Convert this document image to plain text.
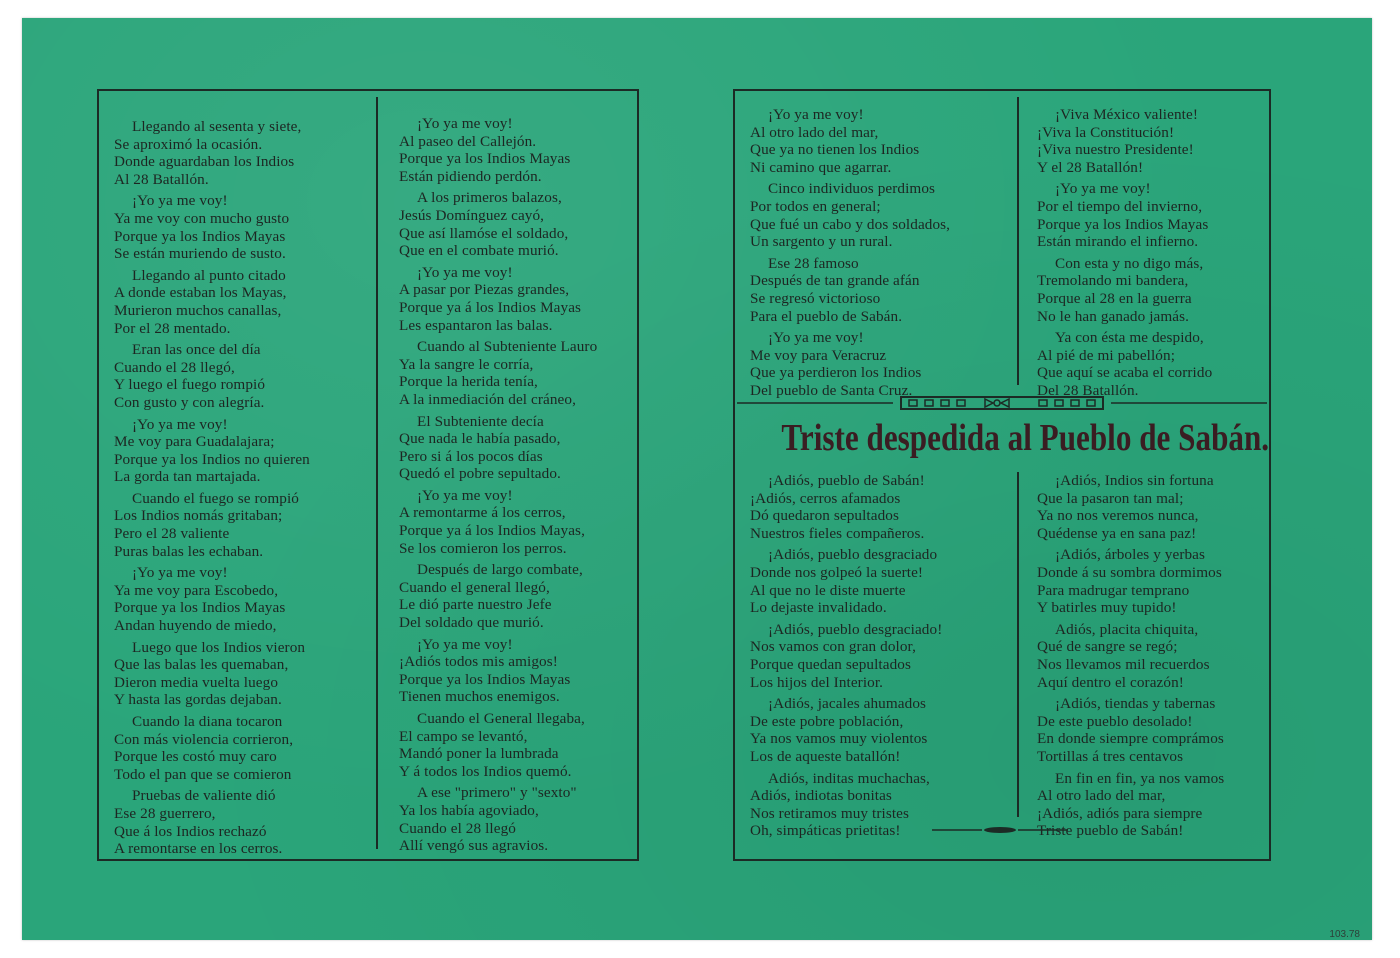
Llegando al sesenta y siete,
Se aproximó la ocasión.
Donde aguardaban los Indios
Al 28 Batallón.
¡Yo ya me voy!
Ya me voy con mucho gusto
Porque ya los Indios Mayas
Se están muriendo de susto.
Llegando al punto citado
A donde estaban los Mayas,
Murieron muchos canallas,
Por el 28 mentado.
Eran las once del día
Cuando el 28 llegó,
Y luego el fuego rompió
Con gusto y con alegría.
¡Yo ya me voy!
Me voy para Guadalajara;
Porque ya los Indios no quieren
La gorda tan martajada.
Cuando el fuego se rompió
Los Indios nomás gritaban;
Pero el 28 valiente
Puras balas les echaban.
¡Yo ya me voy!
Ya me voy para Escobedo,
Porque ya los Indios Mayas
Andan huyendo de miedo,
Luego que los Indios vieron
Que las balas les quemaban,
Dieron media vuelta luego
Y hasta las gordas dejaban.
Cuando la diana tocaron
Con más violencia corrieron,
Porque les costó muy caro
Todo el pan que se comieron
Pruebas de valiente dió
Ese 28 guerrero,
Que á los Indios rechazó
A remontarse en los cerros.
¡Yo ya me voy!
Al paseo del Callejón.
Porque ya los Indios Mayas
Están pidiendo perdón.
A los primeros balazos,
Jesús Domínguez cayó,
Que así llamóse el soldado,
Que en el combate murió.
¡Yo ya me voy!
A pasar por Piezas grandes,
Porque ya á los Indios Mayas
Les espantaron las balas.
Cuando al Subteniente Lauro
Ya la sangre le corría,
Porque la herida tenía,
A la inmediación del cráneo,
El Subteniente decía
Que nada le había pasado,
Pero si á los pocos días
Quedó el pobre sepultado.
¡Yo ya me voy!
A remontarme á los cerros,
Porque ya á los Indios Mayas,
Se los comieron los perros.
Después de largo combate,
Cuando el general llegó,
Le dió parte nuestro Jefe
Del soldado que murió.
¡Yo ya me voy!
¡Adiós todos mis amigos!
Porque ya los Indios Mayas
Tienen muchos enemigos.
Cuando el General llegaba,
El campo se levantó,
Mandó poner la lumbrada
Y á todos los Indios quemó.
A ese "primero" y "sexto"
Ya los había agoviado,
Cuando el 28 llegó
Allí vengó sus agravios.
¡Yo ya me voy!
Al otro lado del mar,
Que ya no tienen los Indios
Ni camino que agarrar.
Cinco individuos perdimos
Por todos en general;
Que fué un cabo y dos soldados,
Un sargento y un rural.
Ese 28 famoso
Después de tan grande afán
Se regresó victorioso
Para el pueblo de Sabán.
¡Yo ya me voy!
Me voy para Veracruz
Que ya perdieron los Indios
Del pueblo de Santa Cruz.
¡Viva México valiente!
¡Viva la Constitución!
¡Viva nuestro Presidente!
Y el 28 Batallón!
¡Yo ya me voy!
Por el tiempo del invierno,
Porque ya los Indios Mayas
Están mirando el infierno.
Con esta y no digo más,
Tremolando mi bandera,
Porque al 28 en la guerra
No le han ganado jamás.
Ya con ésta me despido,
Al pié de mi pabellón;
Que aquí se acaba el corrido
Del 28 Batallón.
Triste despedida al Pueblo de Sabán.
¡Adiós, pueblo de Sabán!
¡Adiós, cerros afamados
Dó quedaron sepultados
Nuestros fieles compañeros.
¡Adiós, pueblo desgraciado
Donde nos golpeó la suerte!
Al que no le diste muerte
Lo dejaste invalidado.
¡Adiós, pueblo desgraciado!
Nos vamos con gran dolor,
Porque quedan sepultados
Los hijos del Interior.
¡Adiós, jacales ahumados
De este pobre población,
Ya nos vamos muy violentos
Los de aqueste batallón!
Adiós, inditas muchachas,
Adiós, indiotas bonitas
Nos retiramos muy tristes
Oh, simpáticas prietitas!
¡Adiós, Indios sin fortuna
Que la pasaron tan mal;
Ya no nos veremos nunca,
Quédense ya en sana paz!
¡Adiós, árboles y yerbas
Donde á su sombra dormimos
Para madrugar temprano
Y batirles muy tupido!
Adiós, placita chiquita,
Qué de sangre se regó;
Nos llevamos mil recuerdos
Aquí dentro el corazón!
¡Adiós, tiendas y tabernas
De este pueblo desolado!
En donde siempre comprámos
Tortillas á tres centavos
En fin en fin, ya nos vamos
Al otro lado del mar,
¡Adiós, adiós para siempre
Triste pueblo de Sabán!
103.78
